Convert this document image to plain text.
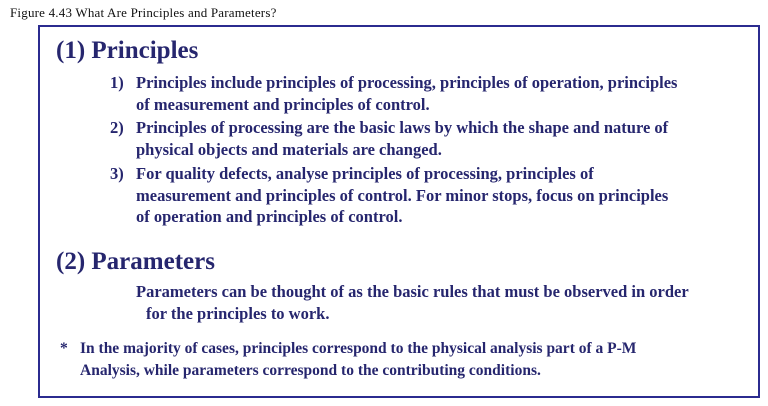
Figure 4.43 What Are Principles and Parameters?
(1) Principles
1) Principles include principles of processing, principles of operation, principles
of measurement and principles of control.
2) Principles of processing are the basic laws by which the shape and nature of
physical objects and materials are changed.
3) For quality defects, analyse principles of processing, principles of
measurement and principles of control. For minor stops, focus on principles
of operation and principles of control.
(2) Parameters
Parameters can be thought of as the basic rules that must be observed in order
for the principles to work.
* In the majority of cases, principles correspond to the physical analysis part of a P-M
Analysis, while parameters correspond to the contributing conditions.
